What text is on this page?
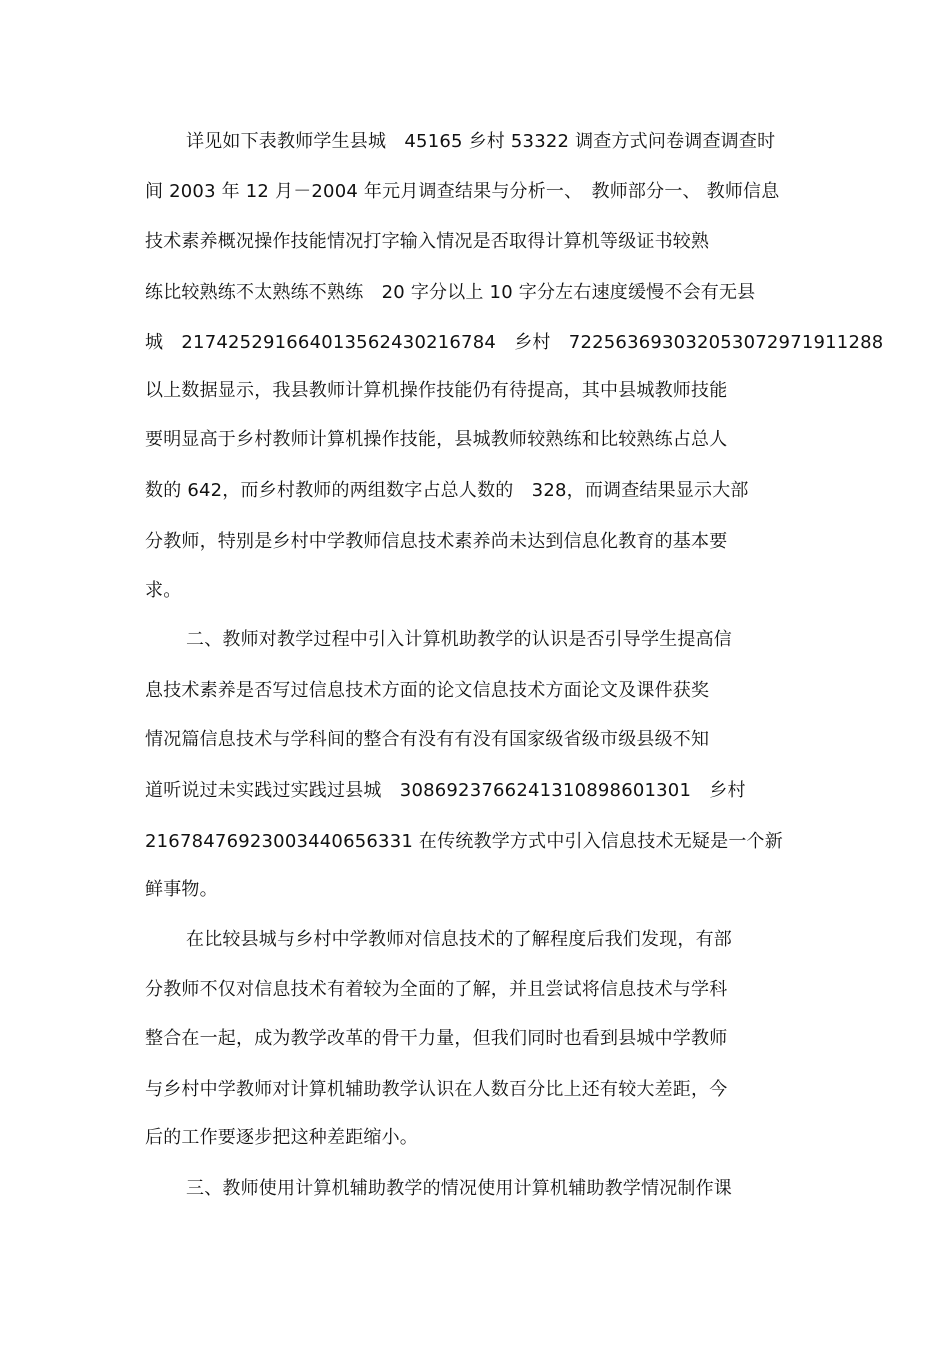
详见如下表教师学生县城　45165 乡村 53322 调查方式问卷调查调查时
间 2003 年 12 月－2004 年元月调查结果与分析一、　教师部分一、 教师信息
技术素养概况操作技能情况打字输入情况是否取得计算机等级证书较熟
练比较熟练不太熟练不熟练　20 字分以上 10 字分左右速度缓慢不会有无县
城　217425291664013562430216784　乡村　722563693032053072971911288
以上数据显示，我县教师计算机操作技能仍有待提高，其中县城教师技能
要明显高于乡村教师计算机操作技能，县城教师较熟练和比较熟练占总人
数的 642，而乡村教师的两组数字占总人数的　328，而调查结果显示大部
分教师，特别是乡村中学教师信息技术素养尚未达到信息化教育的基本要
求。
二、教师对教学过程中引入计算机助教学的认识是否引导学生提高信
息技术素养是否写过信息技术方面的论文信息技术方面论文及课件获奖
情况篇信息技术与学科间的整合有没有有没有国家级省级市级县级不知
道听说过未实践过实践过县城　3086923766241310898601301　乡村
21678476923003440656331 在传统教学方式中引入信息技术无疑是一个新
鲜事物。
在比较县城与乡村中学教师对信息技术的了解程度后我们发现，有部
分教师不仅对信息技术有着较为全面的了解，并且尝试将信息技术与学科
整合在一起，成为教学改革的骨干力量，但我们同时也看到县城中学教师
与乡村中学教师对计算机辅助教学认识在人数百分比上还有较大差距，今
后的工作要逐步把这种差距缩小。
三、教师使用计算机辅助教学的情况使用计算机辅助教学情况制作课
